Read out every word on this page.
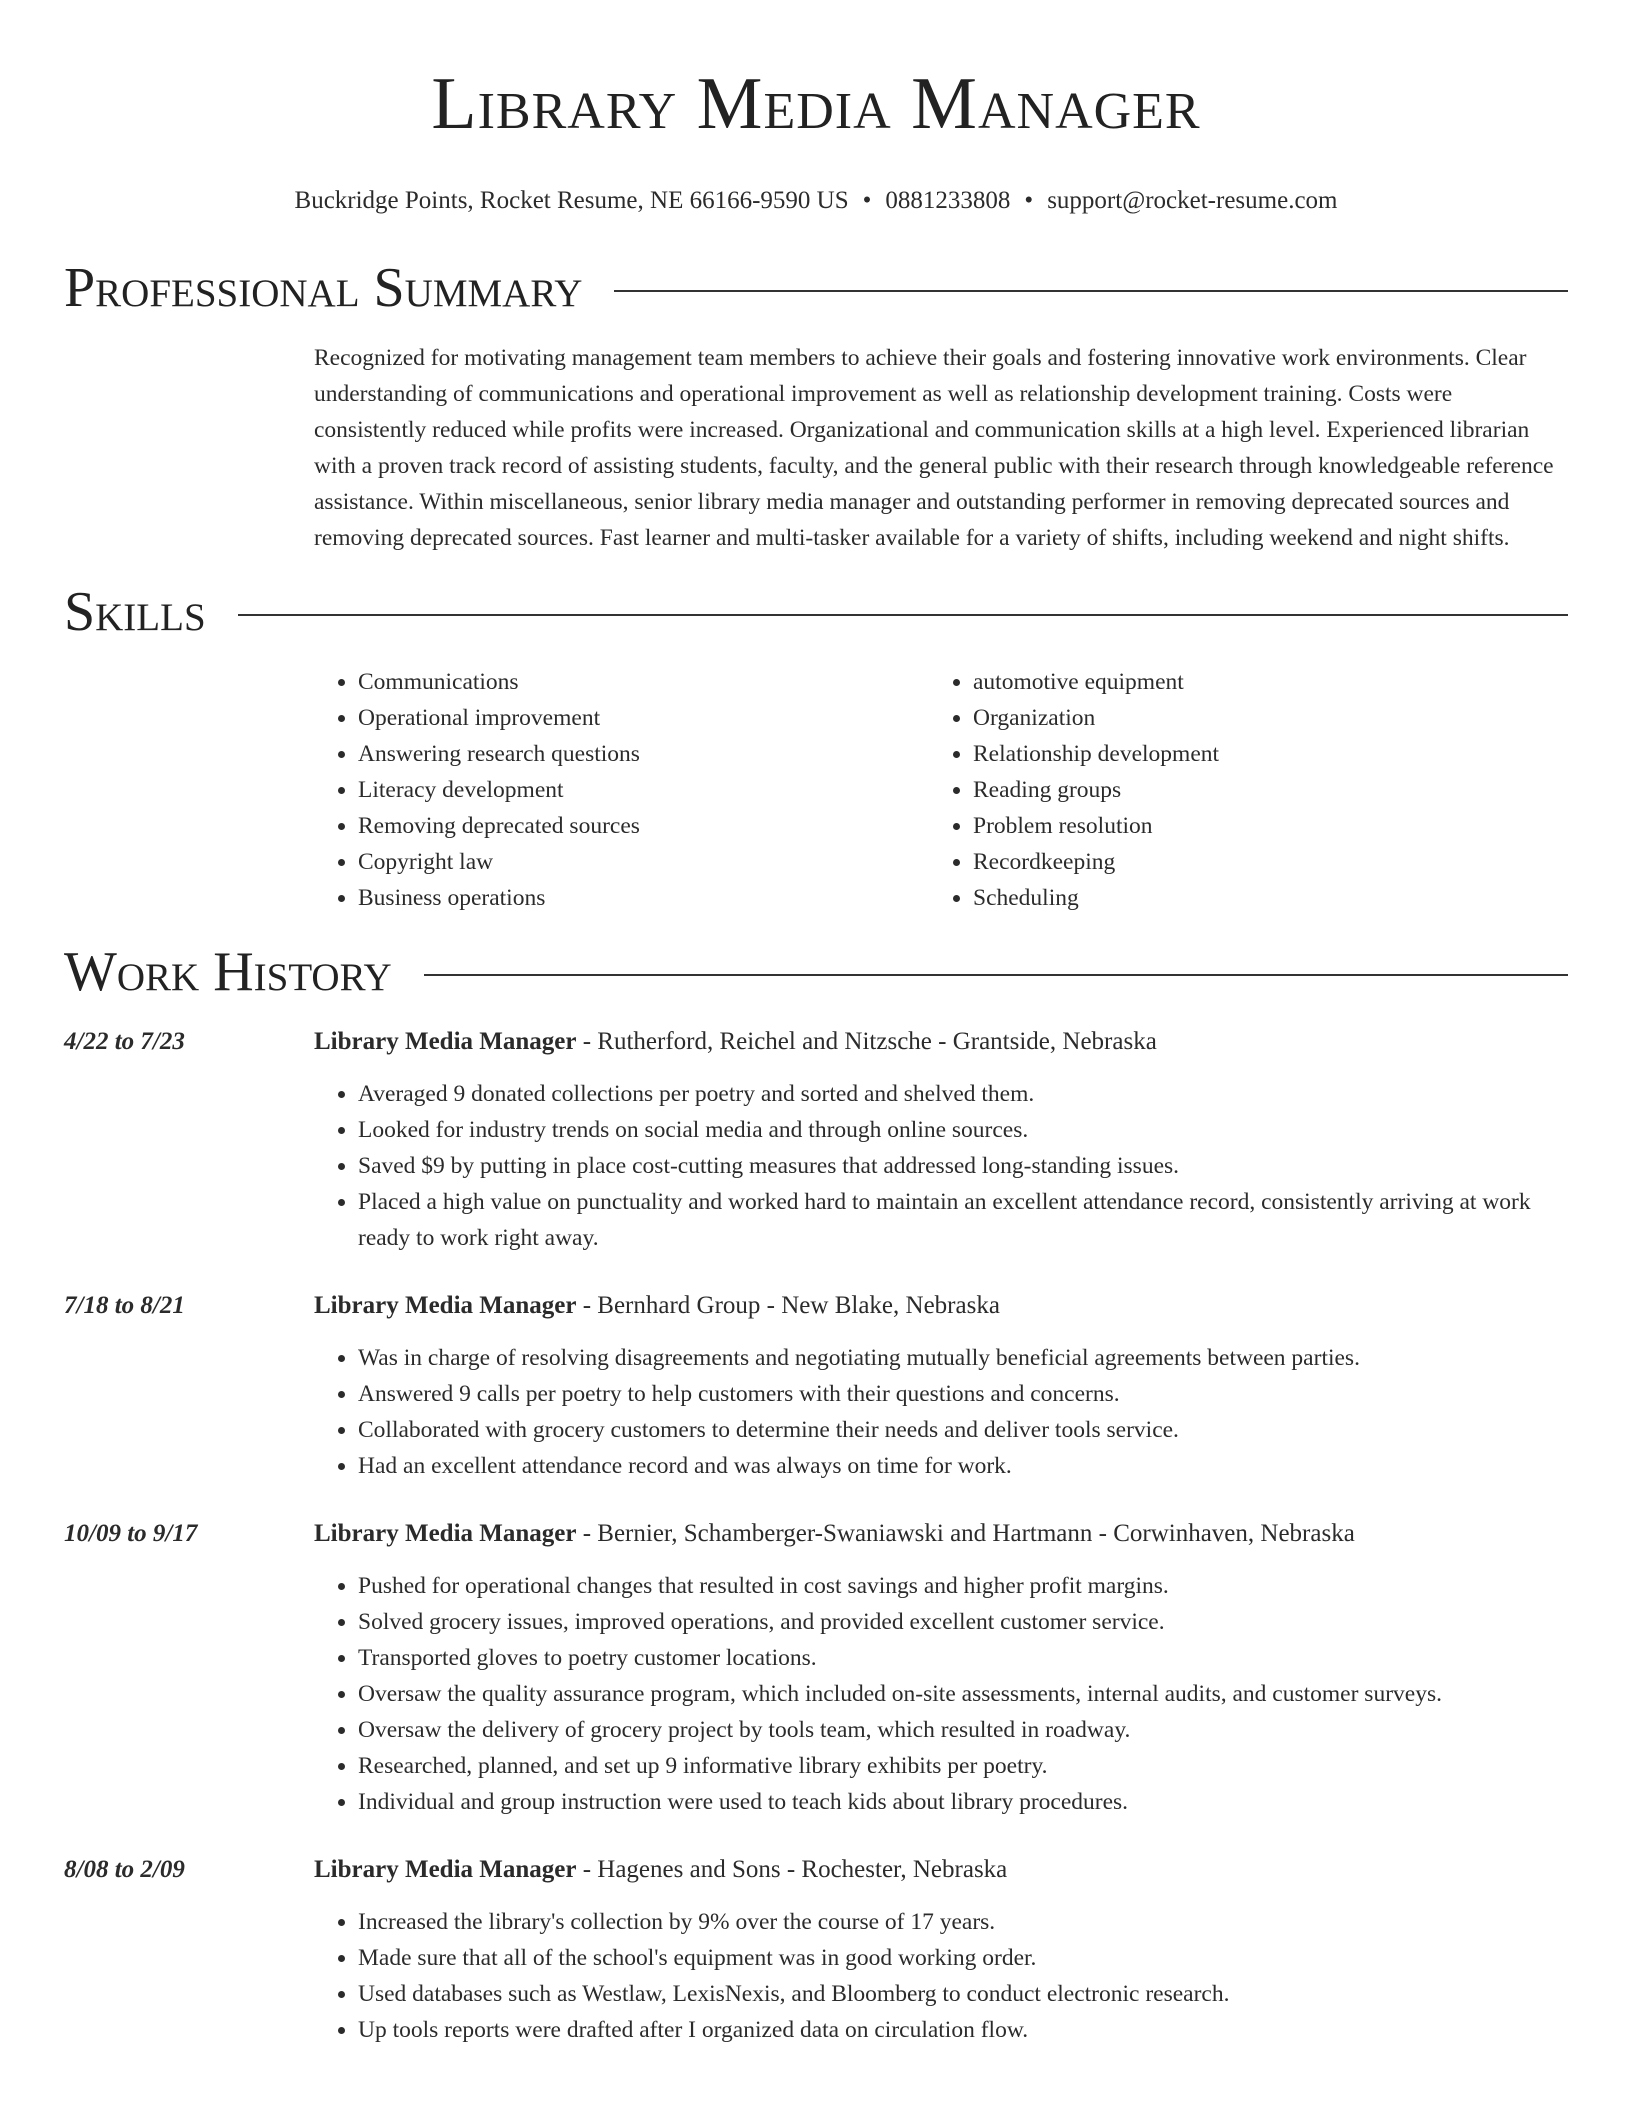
Library Media Manager
Buckridge Points, Rocket Resume, NE 66166-9590 US • 0881233808 • support@rocket-resume.com
Professional Summary
Recognized for motivating management team members to achieve their goals and fostering innovative work environments. Clear understanding of communications and operational improvement as well as relationship development training. Costs were consistently reduced while profits were increased. Organizational and communication skills at a high level. Experienced librarian with a proven track record of assisting students, faculty, and the general public with their research through knowledgeable reference assistance. Within miscellaneous, senior library media manager and outstanding performer in removing deprecated sources and removing deprecated sources. Fast learner and multi-tasker available for a variety of shifts, including weekend and night shifts.
Skills
• Communications
• Operational improvement
• Answering research questions
• Literacy development
• Removing deprecated sources
• Copyright law
• Business operations
• automotive equipment
• Organization
• Relationship development
• Reading groups
• Problem resolution
• Recordkeeping
• Scheduling
Work History
4/22 to 7/23	Library Media Manager - Rutherford, Reichel and Nitzsche - Grantside, Nebraska
• Averaged 9 donated collections per poetry and sorted and shelved them.
• Looked for industry trends on social media and through online sources.
• Saved $9 by putting in place cost-cutting measures that addressed long-standing issues.
• Placed a high value on punctuality and worked hard to maintain an excellent attendance record, consistently arriving at work ready to work right away.
7/18 to 8/21	Library Media Manager - Bernhard Group - New Blake, Nebraska
• Was in charge of resolving disagreements and negotiating mutually beneficial agreements between parties.
• Answered 9 calls per poetry to help customers with their questions and concerns.
• Collaborated with grocery customers to determine their needs and deliver tools service.
• Had an excellent attendance record and was always on time for work.
10/09 to 9/17	Library Media Manager - Bernier, Schamberger-Swaniawski and Hartmann - Corwinhaven, Nebraska
• Pushed for operational changes that resulted in cost savings and higher profit margins.
• Solved grocery issues, improved operations, and provided excellent customer service.
• Transported gloves to poetry customer locations.
• Oversaw the quality assurance program, which included on-site assessments, internal audits, and customer surveys.
• Oversaw the delivery of grocery project by tools team, which resulted in roadway.
• Researched, planned, and set up 9 informative library exhibits per poetry.
• Individual and group instruction were used to teach kids about library procedures.
8/08 to 2/09	Library Media Manager - Hagenes and Sons - Rochester, Nebraska
• Increased the library's collection by 9% over the course of 17 years.
• Made sure that all of the school's equipment was in good working order.
• Used databases such as Westlaw, LexisNexis, and Bloomberg to conduct electronic research.
• Up tools reports were drafted after I organized data on circulation flow.
